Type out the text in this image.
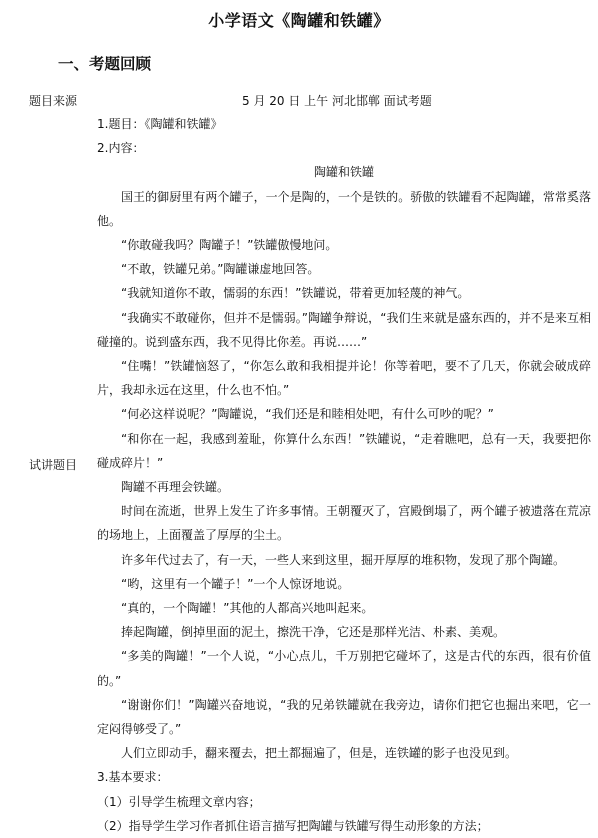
小学语文《陶罐和铁罐》
一、考题回顾
题目来源	5 月 20 日 上午 河北邯郸 面试考题
试讲题目
1.题目：《陶罐和铁罐》
2.内容：
陶罐和铁罐
国王的御厨里有两个罐子，一个是陶的，一个是铁的。骄傲的铁罐看不起陶罐，常常奚落他。
“你敢碰我吗？陶罐子！”铁罐傲慢地问。
“不敢，铁罐兄弟。”陶罐谦虚地回答。
“我就知道你不敢，懦弱的东西！”铁罐说，带着更加轻蔑的神气。
“我确实不敢碰你，但并不是懦弱。”陶罐争辩说，“我们生来就是盛东西的，并不是来互相碰撞的。说到盛东西，我不见得比你差。再说……”
“住嘴！”铁罐恼怒了，“你怎么敢和我相提并论！你等着吧，要不了几天，你就会破成碎片，我却永远在这里，什么也不怕。”
“何必这样说呢？”陶罐说，“我们还是和睦相处吧，有什么可吵的呢？”
“和你在一起，我感到羞耻，你算什么东西！”铁罐说，“走着瞧吧，总有一天，我要把你碰成碎片！”
陶罐不再理会铁罐。
时间在流逝，世界上发生了许多事情。王朝覆灭了，宫殿倒塌了，两个罐子被遗落在荒凉的场地上，上面覆盖了厚厚的尘土。
许多年代过去了，有一天，一些人来到这里，掘开厚厚的堆积物，发现了那个陶罐。
“哟，这里有一个罐子！”一个人惊讶地说。
“真的，一个陶罐！”其他的人都高兴地叫起来。
捧起陶罐，倒掉里面的泥土，擦洗干净，它还是那样光洁、朴素、美观。
“多美的陶罐！”一个人说，“小心点儿，千万别把它碰坏了，这是古代的东西，很有价值的。”
“谢谢你们！”陶罐兴奋地说，“我的兄弟铁罐就在我旁边，请你们把它也掘出来吧，它一定闷得够受了。”
人们立即动手，翻来覆去，把土都掘遍了，但是，连铁罐的影子也没见到。
3.基本要求：
（1）引导学生梳理文章内容；
（2）指导学生学习作者抓住语言描写把陶罐与铁罐写得生动形象的方法；
